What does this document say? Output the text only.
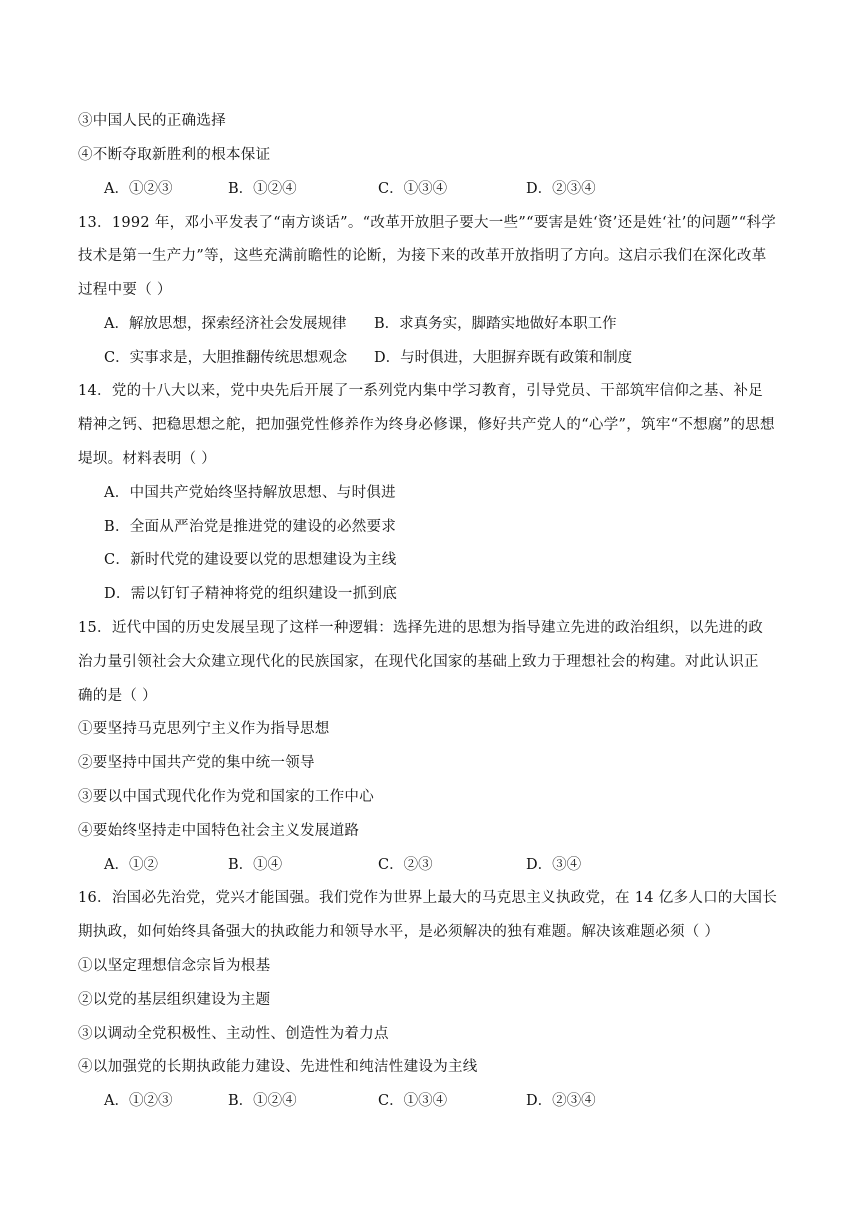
③中国人民的正确选择
④不断夺取新胜利的根本保证
A．①②③	B．①②④	C．①③④	D．②③④
13．1992 年，邓小平发表了“南方谈话”。“改革开放胆子要大一些”“要害是姓‘资’还是姓‘社’的问题”“科学
技术是第一生产力”等，这些充满前瞻性的论断，为接下来的改革开放指明了方向。这启示我们在深化改革
过程中要（ ）
A．解放思想，探索经济社会发展规律 B．求真务实，脚踏实地做好本职工作
C．实事求是，大胆推翻传统思想观念 D．与时俱进，大胆摒弃既有政策和制度
14．党的十八大以来，党中央先后开展了一系列党内集中学习教育，引导党员、干部筑牢信仰之基、补足
精神之钙、把稳思想之舵，把加强党性修养作为终身必修课，修好共产党人的“心学”，筑牢“不想腐”的思想
堤坝。材料表明（ ）
A．中国共产党始终坚持解放思想、与时俱进
B．全面从严治党是推进党的建设的必然要求
C．新时代党的建设要以党的思想建设为主线
D．需以钉钉子精神将党的组织建设一抓到底
15．近代中国的历史发展呈现了这样一种逻辑：选择先进的思想为指导建立先进的政治组织，以先进的政
治力量引领社会大众建立现代化的民族国家，在现代化国家的基础上致力于理想社会的构建。对此认识正
确的是（ ）
①要坚持马克思列宁主义作为指导思想
②要坚持中国共产党的集中统一领导
③要以中国式现代化作为党和国家的工作中心
④要始终坚持走中国特色社会主义发展道路
A．①②	B．①④	C．②③	D．③④
16．治国必先治党，党兴才能国强。我们党作为世界上最大的马克思主义执政党，在 14 亿多人口的大国长
期执政，如何始终具备强大的执政能力和领导水平，是必须解决的独有难题。解决该难题必须（ ）
①以坚定理想信念宗旨为根基
②以党的基层组织建设为主题
③以调动全党积极性、主动性、创造性为着力点
④以加强党的长期执政能力建设、先进性和纯洁性建设为主线
A．①②③	B．①②④	C．①③④	D．②③④
